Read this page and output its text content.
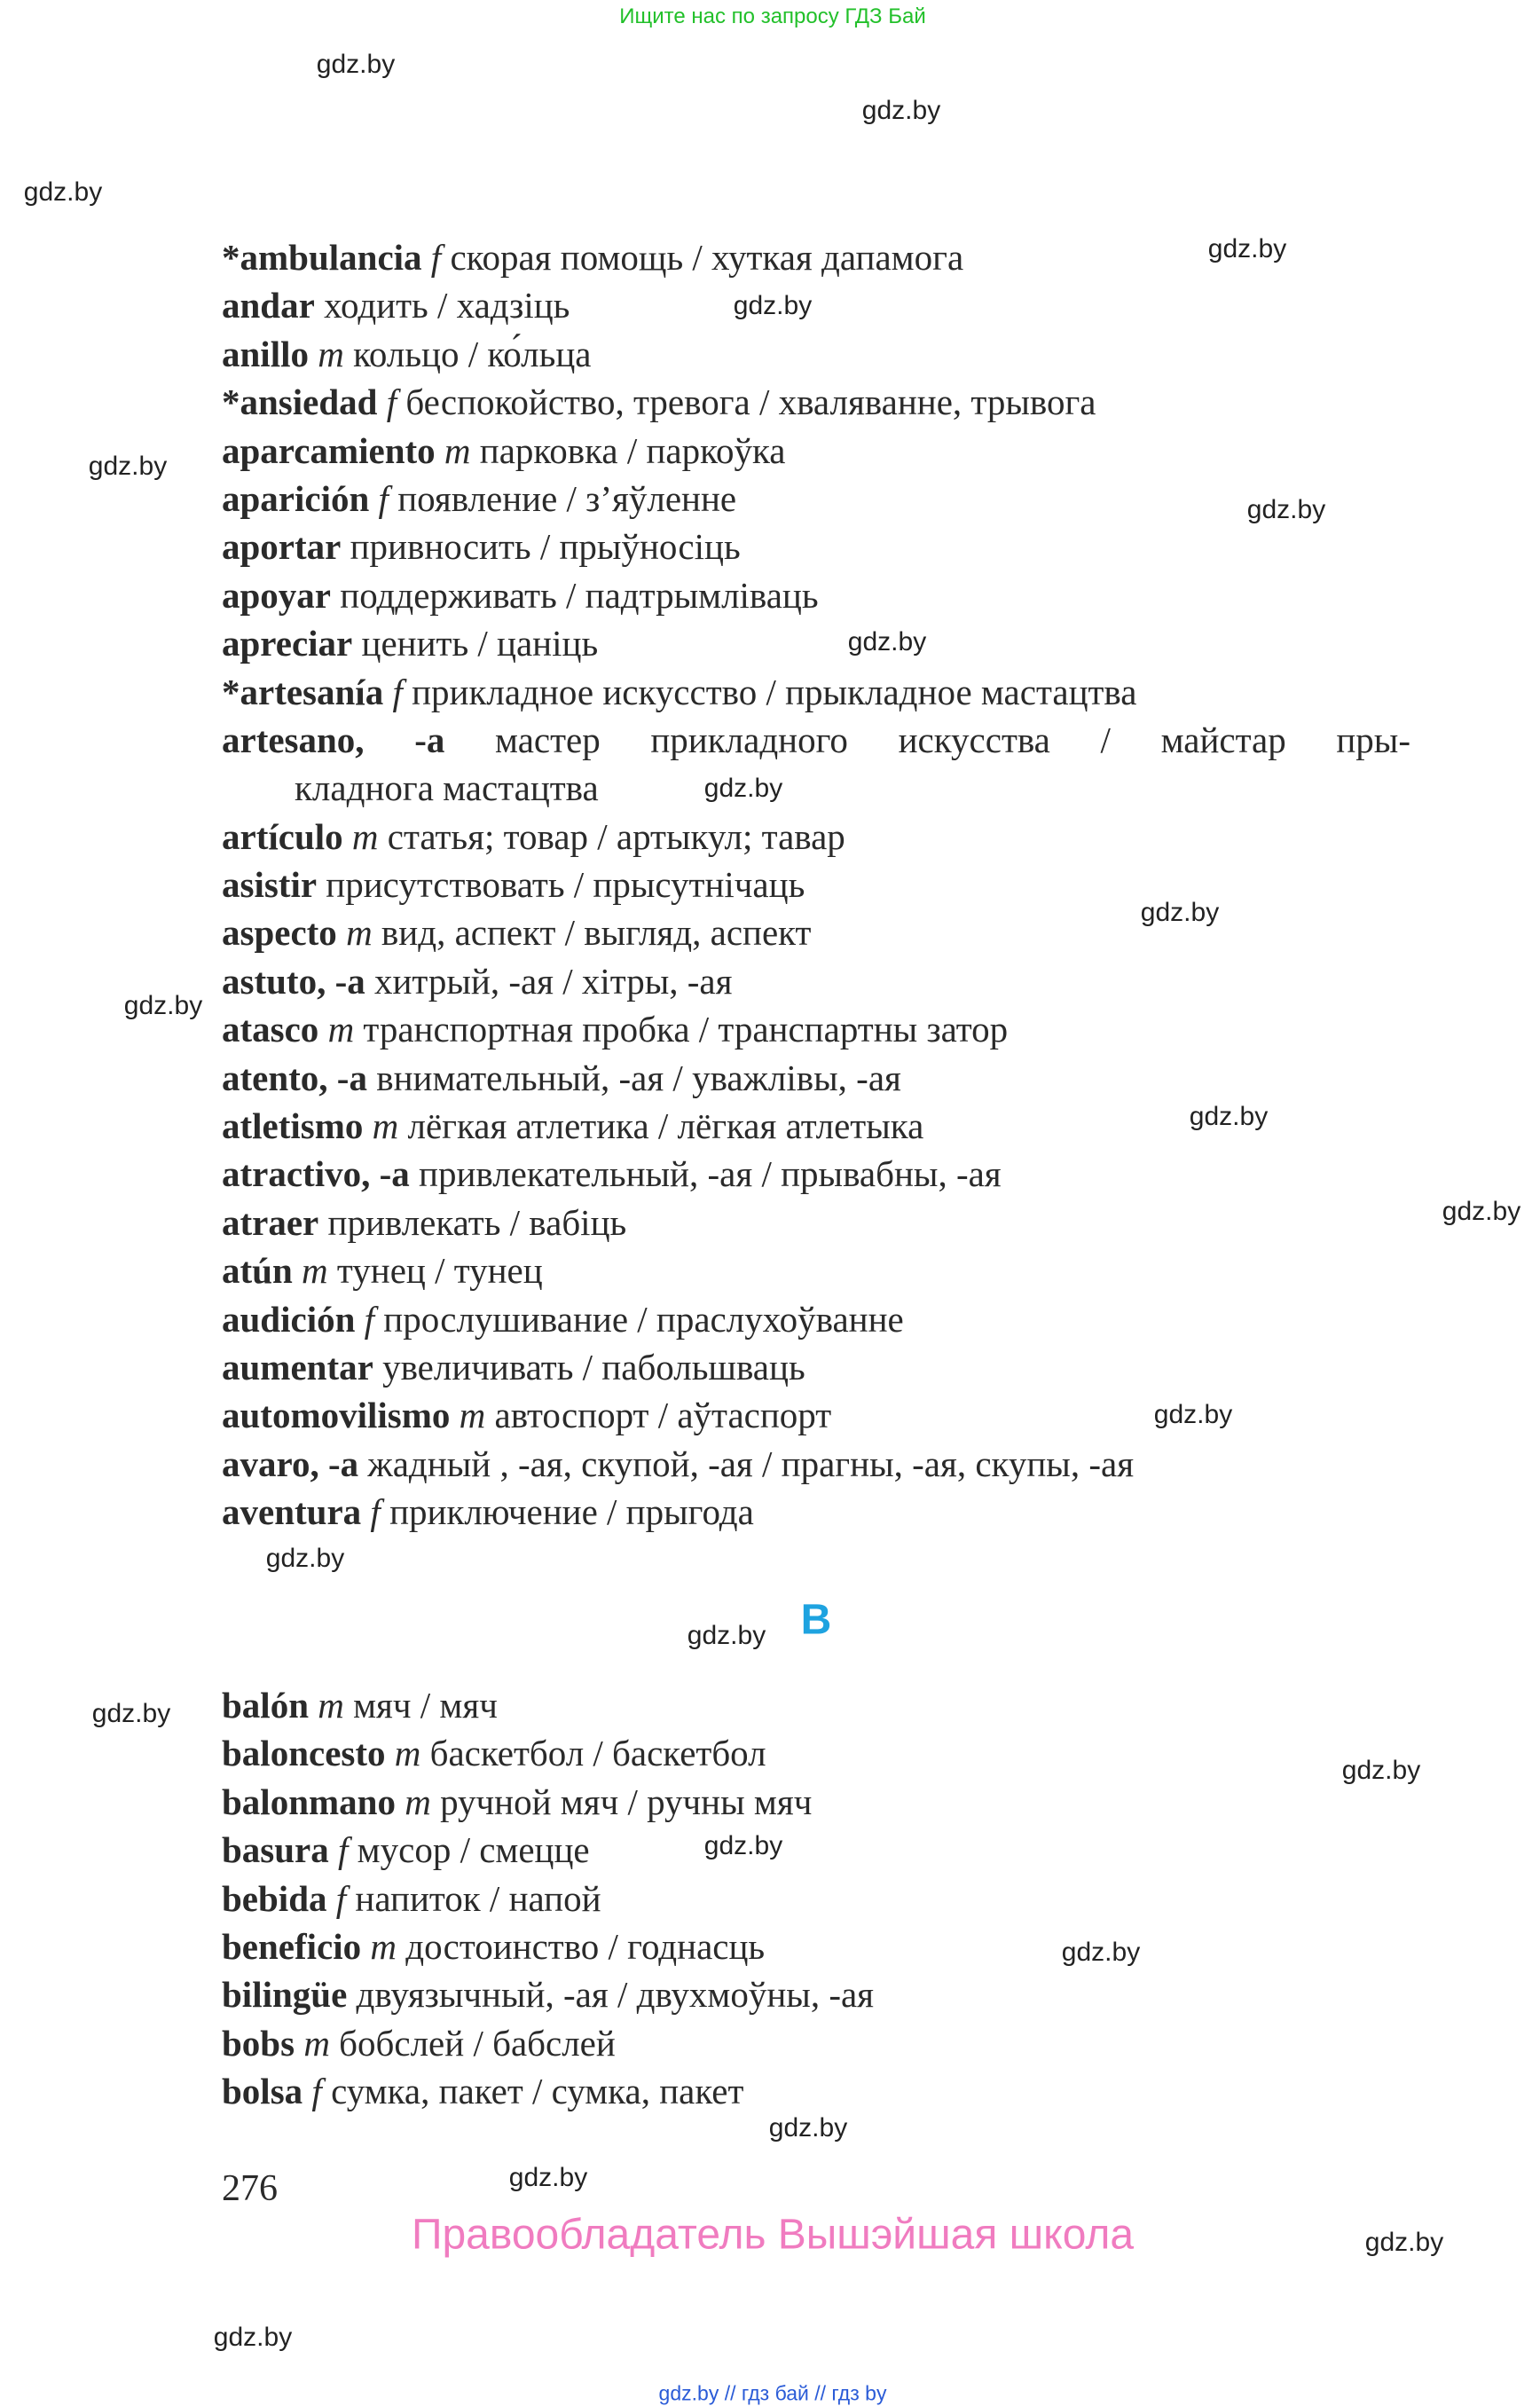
Ищите нас по запросу ГДЗ Бай
gdz.by
gdz.by
gdz.by
gdz.by
gdz.by
gdz.by
gdz.by
gdz.by
gdz.by
gdz.by
gdz.by
gdz.by
gdz.by
gdz.by
gdz.by
gdz.by
gdz.by
gdz.by
gdz.by
gdz.by
gdz.by
gdz.by
gdz.by
gdz.by
*ambulancia f скорая помощь / хуткая дапамога
andar ходить / хадзіць
anillo m кольцо / ко́льца
*ansiedad f беспокойство, тревога / хваляванне, трывога
aparcamiento m парковка / паркоўка
aparición f появление / з’яўленне
aportar привносить / прыўносіць
apoyar поддерживать / падтрымліваць
apreciar ценить / цаніць
*artesanía f прикладное искусство / прыкладное мастацтва
artesano, -a мастер прикладного искусства / майстар пры-
кладнога мастацтва
artículo m статья; товар / артыкул; тавар
asistir присутствовать / прысутнічаць
aspecto m вид, аспект / выгляд, аспект
astuto, -a хитрый, -ая / хітры, -ая
atasco m транспортная пробка / транспартны затор
atento, -a внимательный, -ая / уважлівы, -ая
atletismo m лёгкая атлетика / лёгкая атлетыка
atractivo, -a привлекательный, -ая / прывабны, -ая
atraer привлекать / вабіць
atún m тунец / тунец
audición f прослушивание / праслухоўванне
aumentar увеличивать / пабольшваць
automovilismo m автоспорт / аўтаспорт
avaro, -a жадный , -ая, скупой, -ая / прагны, -ая, скупы, -ая
aventura f приключение / прыгода
B
balón m мяч / мяч
baloncesto m баскетбол / баскетбол
balonmano m ручной мяч / ручны мяч
basura f мусор / смецце
bebida f напиток / напой
beneficio m достоинство / годнасць
bilingüe двуязычный, -ая / двухмоўны, -ая
bobs m бобслей / бабслей
bolsa f сумка, пакет / сумка, пакет
276
Правообладатель Вышэйшая школа
gdz.by // гдз бай // гдз by
